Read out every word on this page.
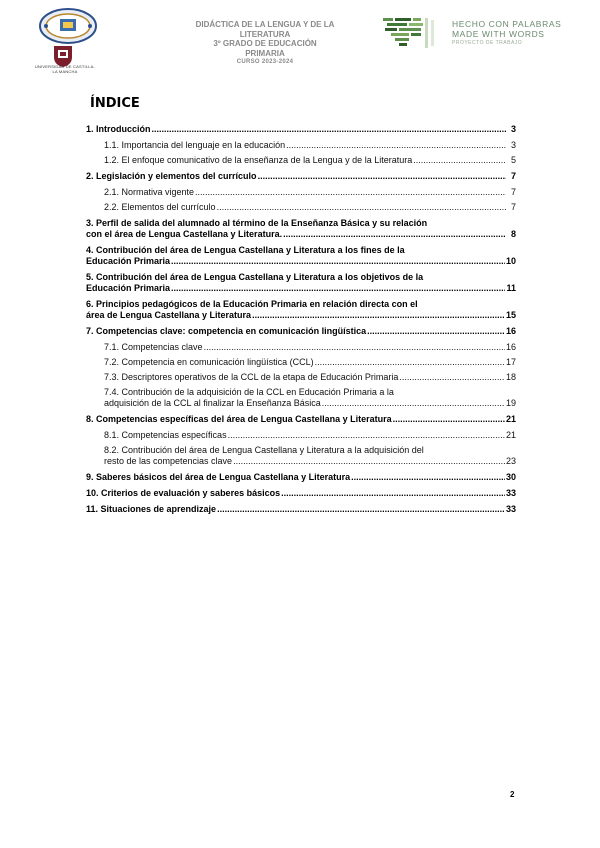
UNIVERSIDAD DE CASTILLA-LA MANCHA
DIDÁCTICA DE LA LENGUA Y DE LA
LITERATURA
3º GRADO DE EDUCACIÓN
PRIMARIA
CURSO 2023-2024
HECHO CON PALABRAS
MADE WITH WORDS
PROYECTO DE TRABAJO
ÍNDICE
1. Introducción .....	3
1.1. Importancia del lenguaje en la educación .....	3
1.2. El enfoque comunicativo de la enseñanza de la Lengua y de la Literatura .....	5
2. Legislación y elementos del currículo .....	7
2.1. Normativa vigente .....	7
2.2. Elementos del currículo .....	7
3. Perfil de salida del alumnado al término de la Enseñanza Básica y su relación
con el área de Lengua Castellana y Literatura. .....	8
4. Contribución del área de Lengua Castellana y Literatura a los fines de la
Educación Primaria .....	10
5. Contribución del área de Lengua Castellana y Literatura a los objetivos de la
Educación Primaria .....	11
6. Principios pedagógicos de la Educación Primaria en relación directa con el
área de Lengua Castellana y Literatura .....	15
7. Competencias clave: competencia en comunicación lingüística .....	16
7.1. Competencias clave .....	16
7.2. Competencia en comunicación lingüística (CCL) .....	17
7.3. Descriptores operativos de la CCL de la etapa de Educación Primaria .....	18
7.4. Contribución de la adquisición de la CCL en Educación Primaria a la
adquisición de la CCL al finalizar la Enseñanza Básica .....	19
8. Competencias específicas del área de Lengua Castellana y Literatura .....	21
8.1. Competencias específicas .....	21
8.2. Contribución del área de Lengua Castellana y Literatura a la adquisición del
resto de las competencias clave .....	23
9. Saberes básicos del área de Lengua Castellana y Literatura .....	30
10. Criterios de evaluación y saberes básicos .....	33
11. Situaciones de aprendizaje .....	33
2
